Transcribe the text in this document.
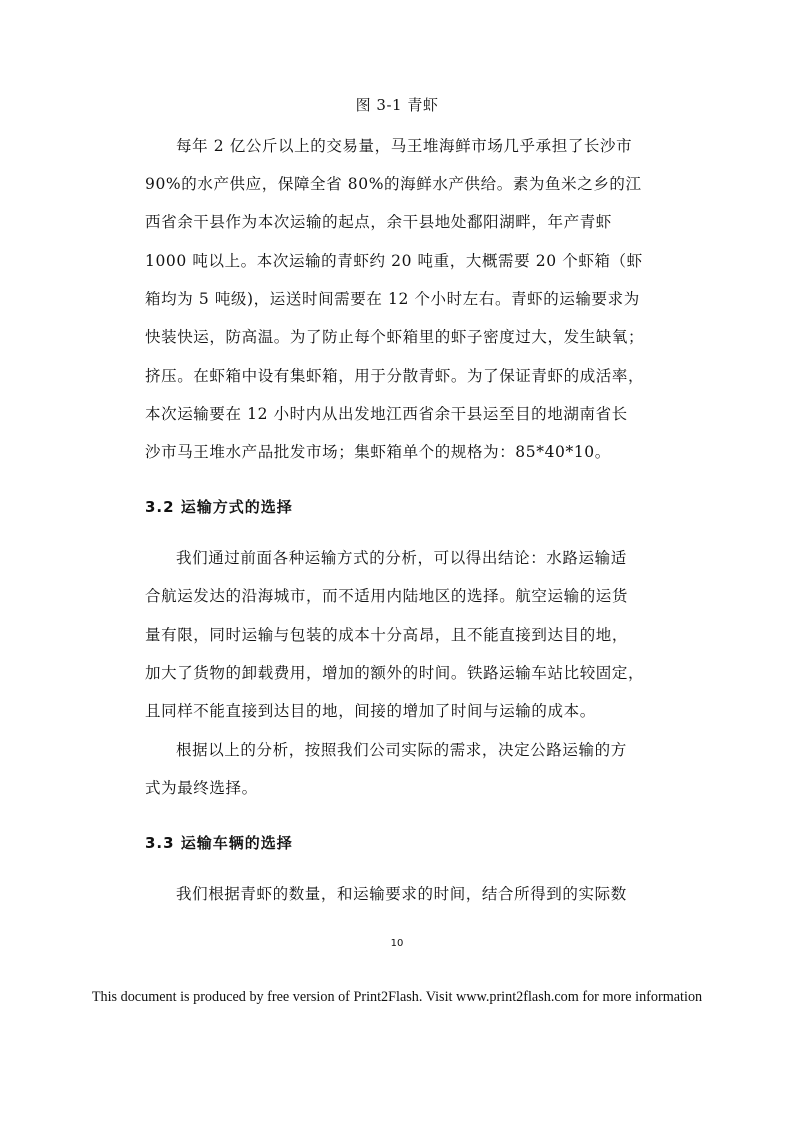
图 3-1 青虾
每年 2 亿公斤以上的交易量，马王堆海鲜市场几乎承担了长沙市
90%的水产供应，保障全省 80%的海鲜水产供给。素为鱼米之乡的江
西省余干县作为本次运输的起点，余干县地处鄱阳湖畔，年产青虾
1000 吨以上。本次运输的青虾约 20 吨重，大概需要 20 个虾箱（虾
箱均为 5 吨级)，运送时间需要在 12 个小时左右。青虾的运输要求为
快装快运，防高温。为了防止每个虾箱里的虾子密度过大，发生缺氧；
挤压。在虾箱中设有集虾箱，用于分散青虾。为了保证青虾的成活率，
本次运输要在 12 小时内从出发地江西省余干县运至目的地湖南省长
沙市马王堆水产品批发市场；集虾箱单个的规格为：85*40*10。
3.2 运输方式的选择
我们通过前面各种运输方式的分析，可以得出结论：水路运输适
合航运发达的沿海城市，而不适用内陆地区的选择。航空运输的运货
量有限，同时运输与包装的成本十分高昂，且不能直接到达目的地，
加大了货物的卸载费用，增加的额外的时间。铁路运输车站比较固定，
且同样不能直接到达目的地，间接的增加了时间与运输的成本。
根据以上的分析，按照我们公司实际的需求，决定公路运输的方
式为最终选择。
3.3 运输车辆的选择
我们根据青虾的数量，和运输要求的时间，结合所得到的实际数
10
This document is produced by free version of Print2Flash. Visit www.print2flash.com for more information
